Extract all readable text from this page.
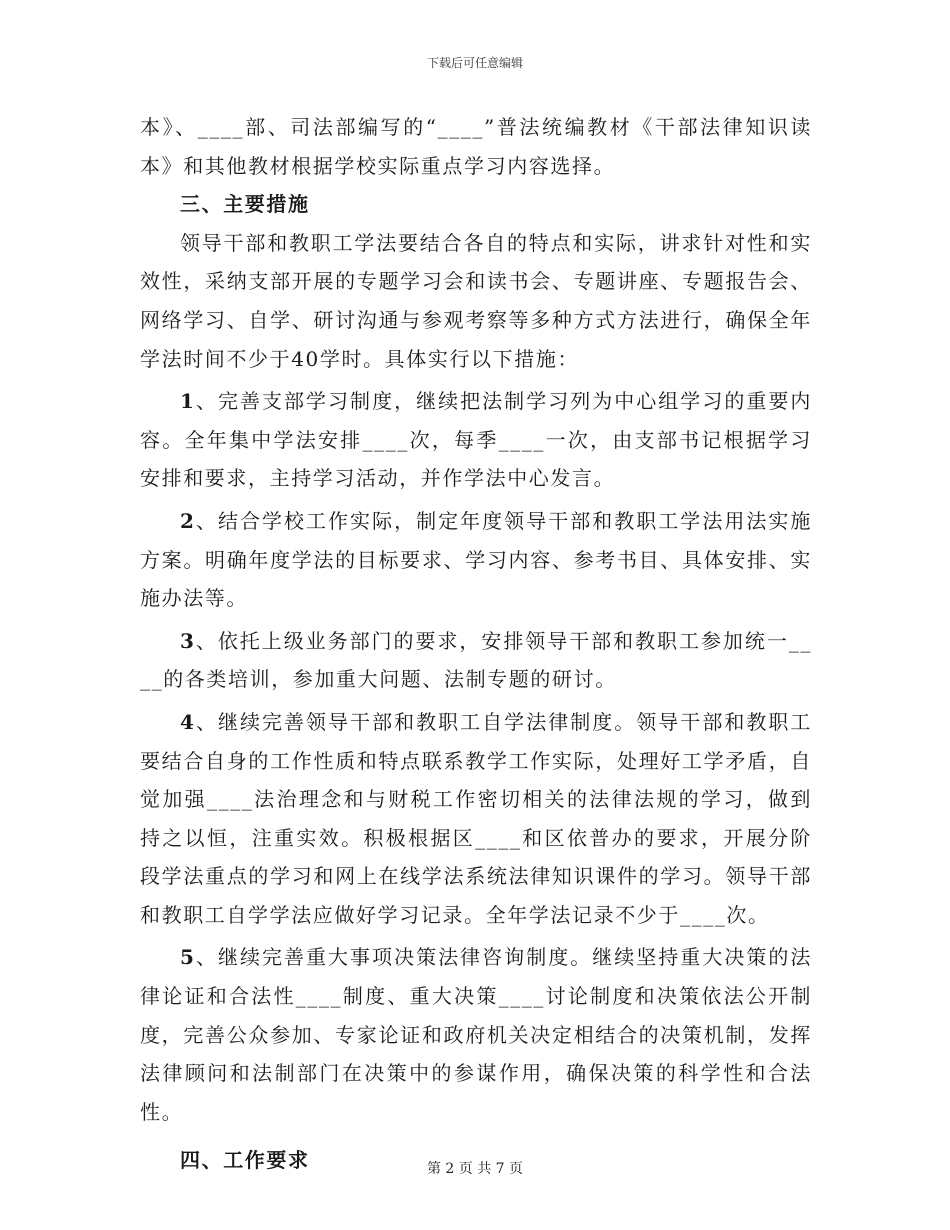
下载后可任意编辑

本》、____部、司法部编写的“____”普法统编教材《干部法律知识读本》和其他教材根据学校实际重点学习内容选择。

三、主要措施

领导干部和教职工学法要结合各自的特点和实际，讲求针对性和实效性，采纳支部开展的专题学习会和读书会、专题讲座、专题报告会、网络学习、自学、研讨沟通与参观考察等多种方式方法进行，确保全年学法时间不少于40学时。具体实行以下措施：

1、完善支部学习制度，继续把法制学习列为中心组学习的重要内容。全年集中学法安排____次，每季____一次，由支部书记根据学习安排和要求，主持学习活动，并作学法中心发言。

2、结合学校工作实际，制定年度领导干部和教职工学法用法实施方案。明确年度学法的目标要求、学习内容、参考书目、具体安排、实施办法等。

3、依托上级业务部门的要求，安排领导干部和教职工参加统一____的各类培训，参加重大问题、法制专题的研讨。

4、继续完善领导干部和教职工自学法律制度。领导干部和教职工要结合自身的工作性质和特点联系教学工作实际，处理好工学矛盾，自觉加强____法治理念和与财税工作密切相关的法律法规的学习，做到持之以恒，注重实效。积极根据区____和区依普办的要求，开展分阶段学法重点的学习和网上在线学法系统法律知识课件的学习。领导干部和教职工自学学法应做好学习记录。全年学法记录不少于____次。

5、继续完善重大事项决策法律咨询制度。继续坚持重大决策的法律论证和合法性____制度、重大决策____讨论制度和决策依法公开制度，完善公众参加、专家论证和政府机关决定相结合的决策机制，发挥法律顾问和法制部门在决策中的参谋作用，确保决策的科学性和合法性。

四、工作要求	第 2 页 共 7 页
